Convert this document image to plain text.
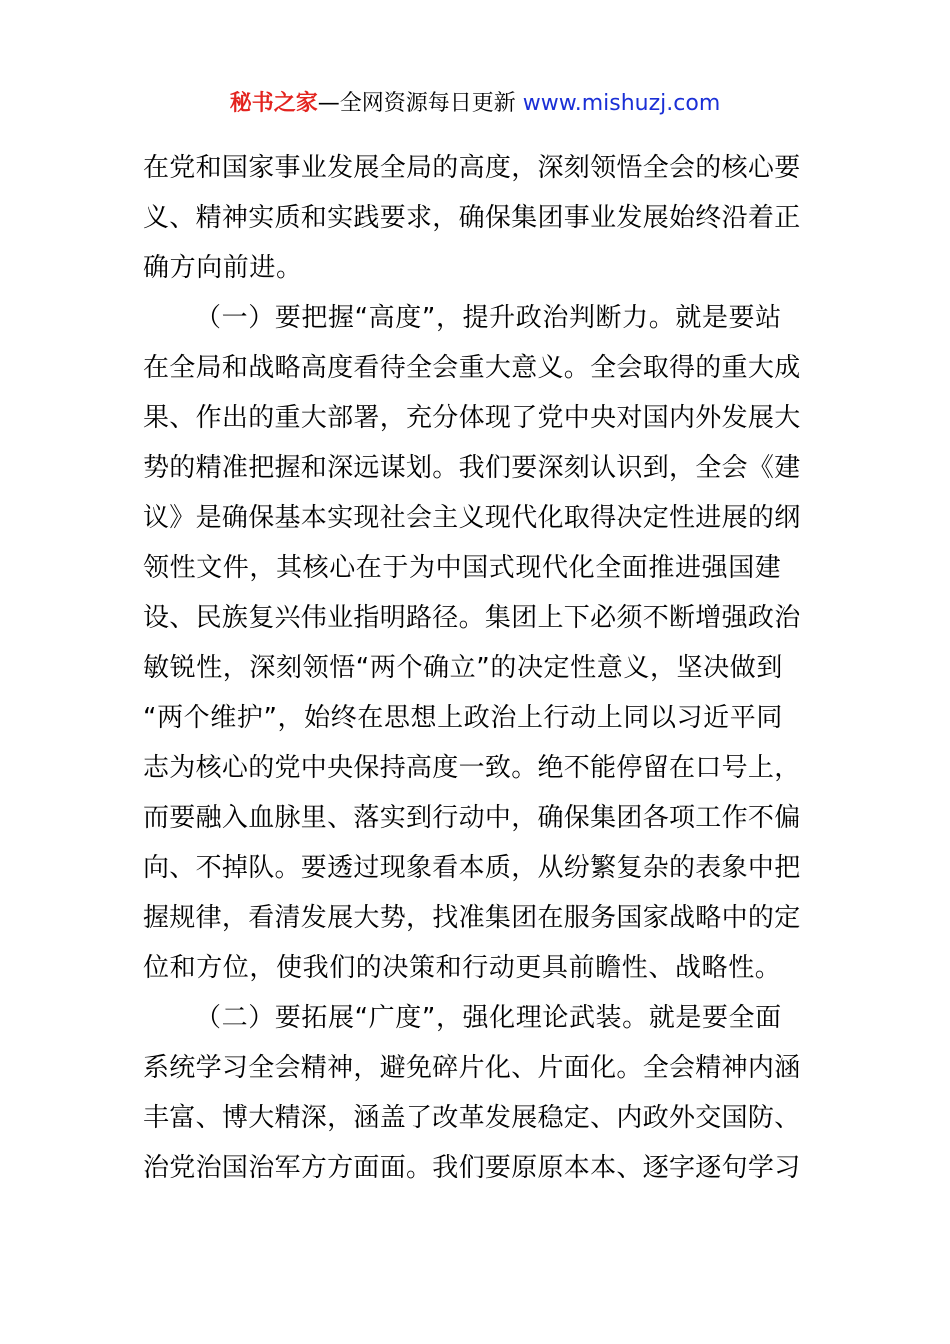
秘书之家—全网资源每日更新 www.mishuzj.com
在党和国家事业发展全局的高度，深刻领悟全会的核心要
义、精神实质和实践要求，确保集团事业发展始终沿着正
确方向前进。
（一）要把握“高度”，提升政治判断力。就是要站
在全局和战略高度看待全会重大意义。全会取得的重大成
果、作出的重大部署，充分体现了党中央对国内外发展大
势的精准把握和深远谋划。我们要深刻认识到，全会《建
议》是确保基本实现社会主义现代化取得决定性进展的纲
领性文件，其核心在于为中国式现代化全面推进强国建
设、民族复兴伟业指明路径。集团上下必须不断增强政治
敏锐性，深刻领悟“两个确立”的决定性意义，坚决做到
“两个维护”，始终在思想上政治上行动上同以习近平同
志为核心的党中央保持高度一致。绝不能停留在口号上，
而要融入血脉里、落实到行动中，确保集团各项工作不偏
向、不掉队。要透过现象看本质，从纷繁复杂的表象中把
握规律，看清发展大势，找准集团在服务国家战略中的定
位和方位，使我们的决策和行动更具前瞻性、战略性。
（二）要拓展“广度”，强化理论武装。就是要全面
系统学习全会精神，避免碎片化、片面化。全会精神内涵
丰富、博大精深，涵盖了改革发展稳定、内政外交国防、
治党治国治军方方面面。我们要原原本本、逐字逐句学习
